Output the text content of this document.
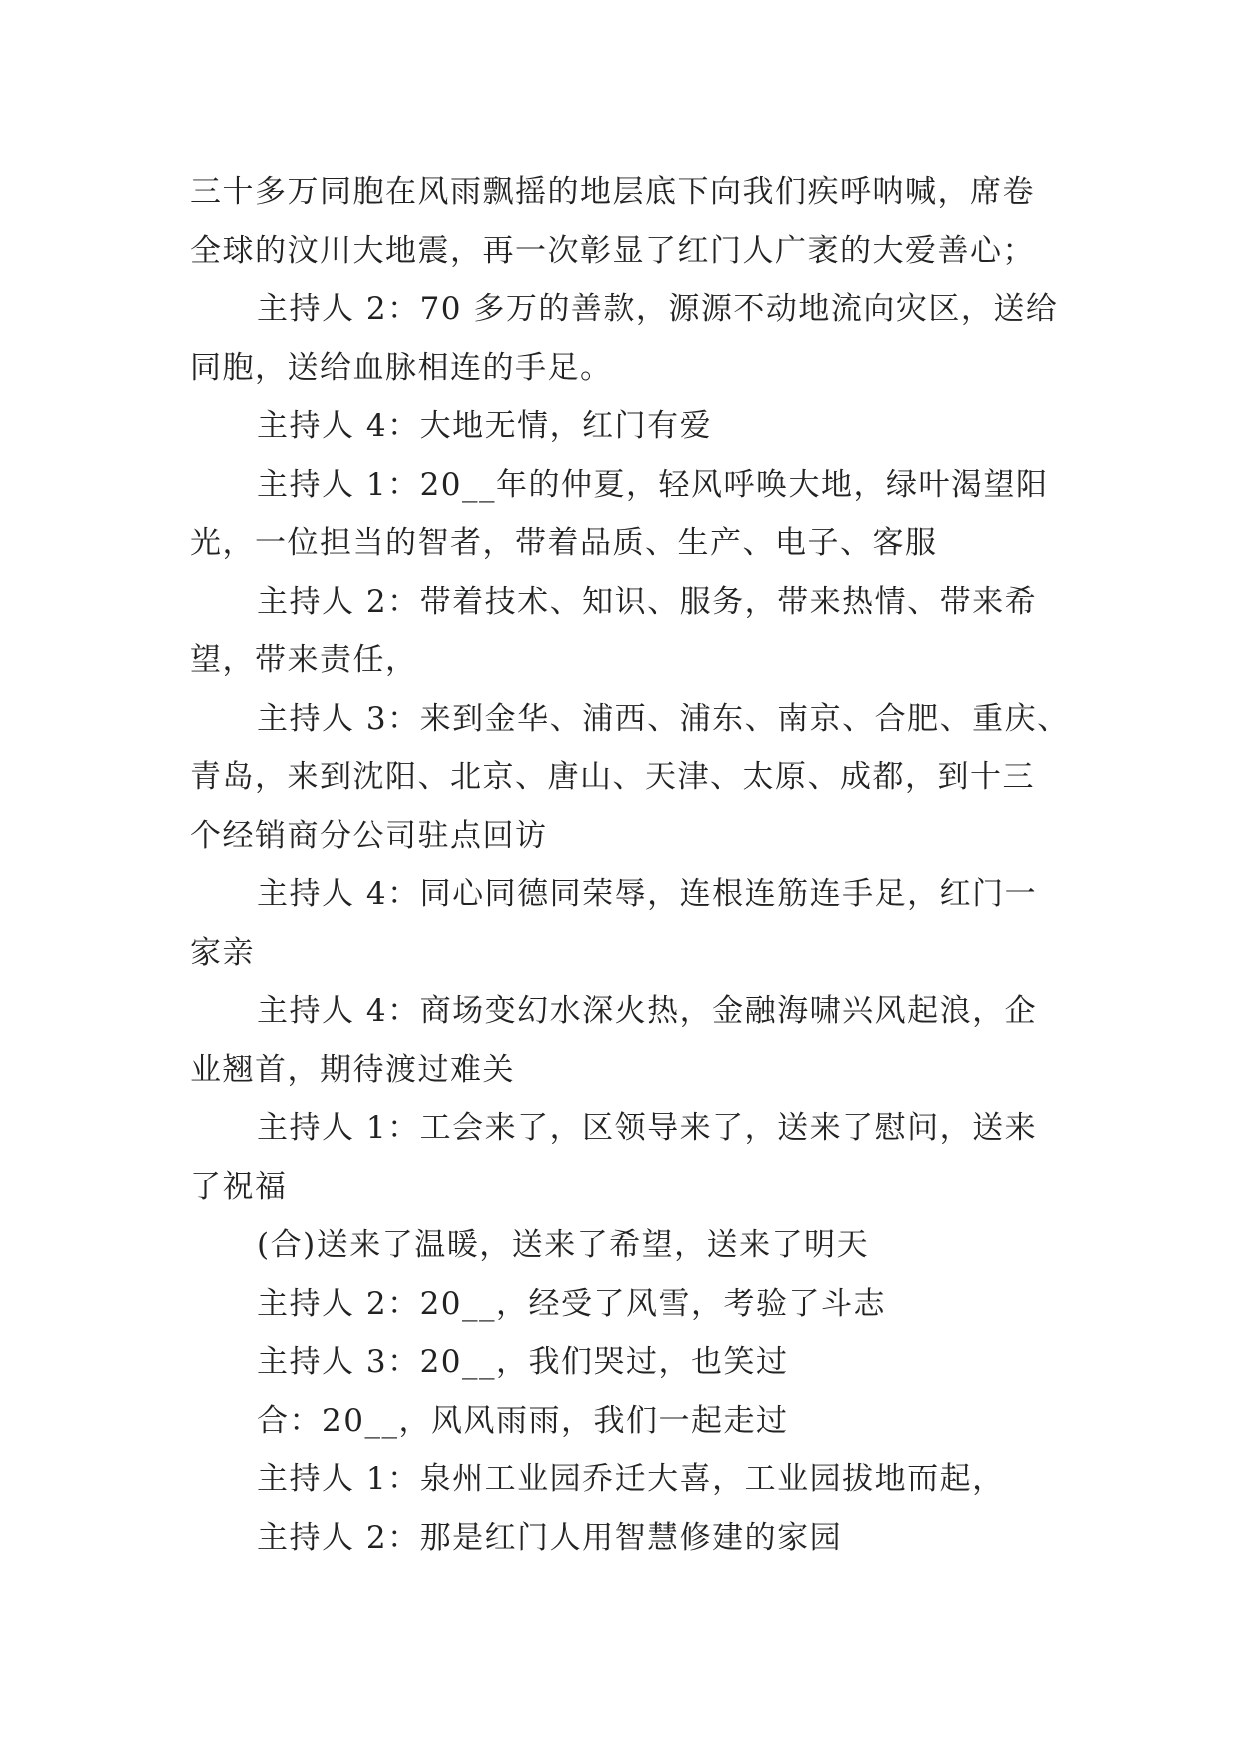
三十多万同胞在风雨飘摇的地层底下向我们疾呼呐喊，席卷

全球的汶川大地震，再一次彰显了红门人广袤的大爱善心；

主持人 2：70 多万的善款，源源不动地流向灾区，送给

同胞，送给血脉相连的手足。

主持人 4：大地无情，红门有爱

主持人 1：20__年的仲夏，轻风呼唤大地，绿叶渴望阳

光，一位担当的智者，带着品质、生产、电子、客服

主持人 2：带着技术、知识、服务，带来热情、带来希

望，带来责任，

主持人 3：来到金华、浦西、浦东、南京、合肥、重庆、

青岛，来到沈阳、北京、唐山、天津、太原、成都，到十三

个经销商分公司驻点回访

主持人 4：同心同德同荣辱，连根连筋连手足，红门一

家亲

主持人 4：商场变幻水深火热，金融海啸兴风起浪，企

业翘首，期待渡过难关

主持人 1：工会来了，区领导来了，送来了慰问，送来

了祝福

(合)送来了温暖，送来了希望，送来了明天

主持人 2：20__，经受了风雪，考验了斗志

主持人 3：20__，我们哭过，也笑过

合：20__，风风雨雨，我们一起走过

主持人 1：泉州工业园乔迁大喜，工业园拔地而起，

主持人 2：那是红门人用智慧修建的家园
